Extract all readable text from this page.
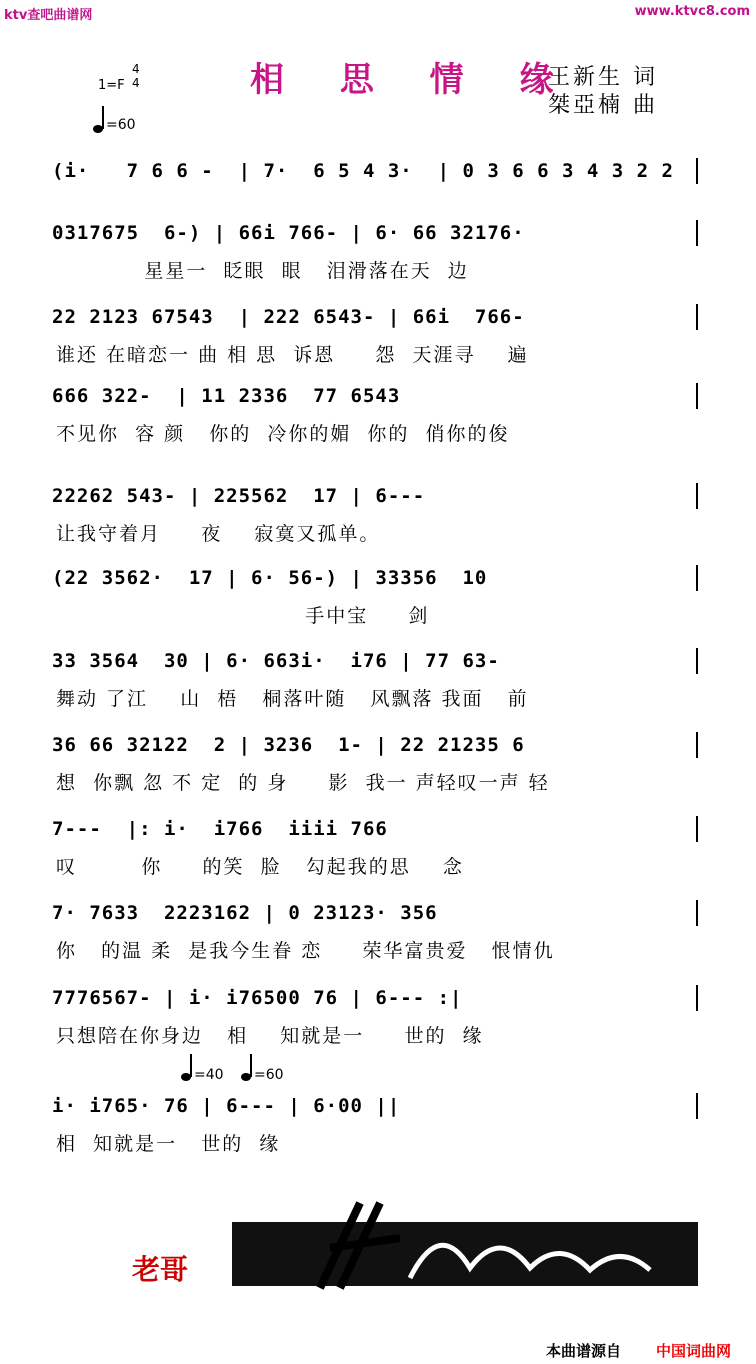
ktv查吧曲谱网	www.ktvc8.com
相 思 情 缘
王新生 词
桀亞楠 曲
1=F
4
4
=60
(i·   7 6 6 -  | 7·  6 5 4 3·  | 0 3 6 6 3 4 3 2 2
0317675  6-) | 66i 766- | 6· 66 32176·
星星一  眨眼  眼   泪滑落在天  边
22 2123 67543  | 222 6543- | 66i  766-
谁还 在暗恋一 曲 相 思  诉恩     怨  天涯寻    遍
666 322-  | 11 2336  77 6543
不见你  容 颜   你的  冷你的媚  你的  俏你的俊
22262 543- | 225562  17 | 6---
让我守着月     夜    寂寞又孤单。
(22 3562·  17 | 6· 56-) | 33356  10
手中宝     剑
33 3564  30 | 6· 663i·  i76 | 77 63-
舞动 了江    山  梧   桐落叶随   风飘落 我面   前
36 66 32122  2 | 3236  1- | 22 21235 6
想  你飘 忽 不 定  的 身     影  我一 声轻叹一声 轻
7---  |: i·  i766  iiii 766
叹        你     的笑  脸   勾起我的思    念
7· 7633  2223162 | 0 23123· 356
你   的温 柔  是我今生眷 恋     荣华富贵爱   恨情仇
7776567- | i· i76500 76 | 6--- :|
只想陪在你身边   相    知就是一     世的  缘
i· i765· 76 | 6--- | 6·00 ||
相  知就是一   世的  缘
=40 =60
老哥
本曲谱源自 中国词曲网
